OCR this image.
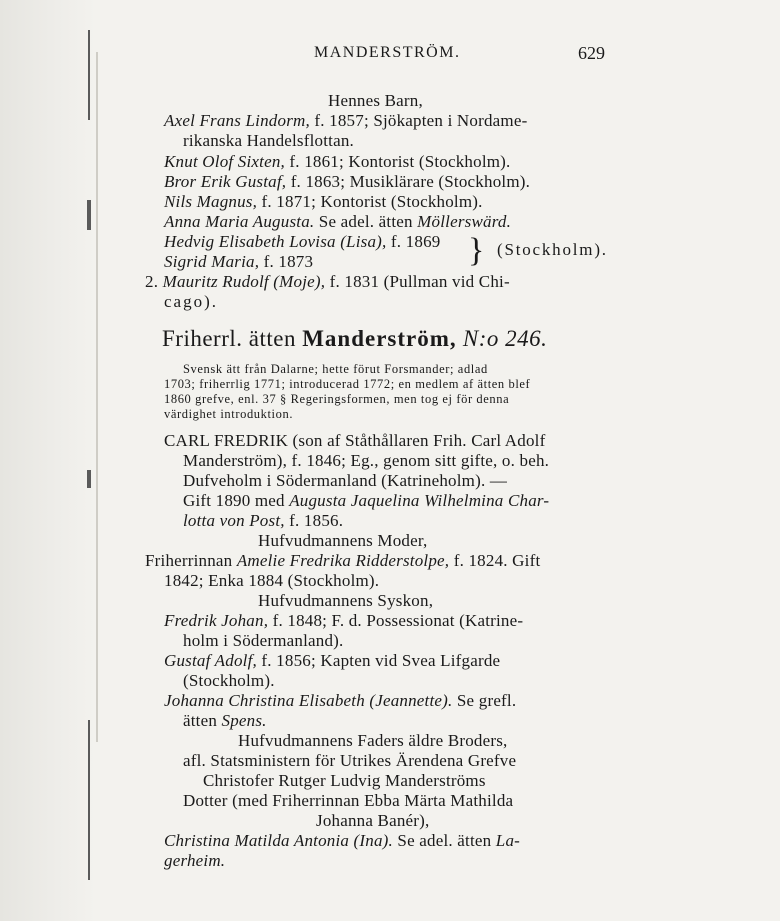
MANDERSTRÖM.	629
Hennes Barn,
Axel Frans Lindorm, f. 1857; Sjökapten i Nordame-
rikanska Handelsflottan.
Knut Olof Sixten, f. 1861; Kontorist (Stockholm).
Bror Erik Gustaf, f. 1863; Musiklärare (Stockholm).
Nils Magnus, f. 1871; Kontorist (Stockholm).
Anna Maria Augusta. Se adel. ätten Möllerswärd.
Hedvig Elisabeth Lovisa (Lisa), f. 1869
Sigrid Maria, f. 1873	} (Stockholm).
2. Mauritz Rudolf (Moje), f. 1831 (Pullman vid Chi-
cago).
Friherrl. ätten Manderström, N:o 246.
Svensk ätt från Dalarne; hette förut Forsmander; adlad
1703; friherrlig 1771; introducerad 1772; en medlem af ätten blef
1860 grefve, enl. 37 § Regeringsformen, men tog ej för denna
värdighet introduktion.
CARL FREDRIK (son af Ståthållaren Frih. Carl Adolf
Manderström), f. 1846; Eg., genom sitt gifte, o. beh.
Dufveholm i Södermanland (Katrineholm). —
Gift 1890 med Augusta Jaquelina Wilhelmina Char-
lotta von Post, f. 1856.
Hufvudmannens Moder,
Friherrinnan Amelie Fredrika Ridderstolpe, f. 1824. Gift
1842; Enka 1884 (Stockholm).
Hufvudmannens Syskon,
Fredrik Johan, f. 1848; F. d. Possessionat (Katrine-
holm i Södermanland).
Gustaf Adolf, f. 1856; Kapten vid Svea Lifgarde
(Stockholm).
Johanna Christina Elisabeth (Jeannette). Se grefl.
ätten Spens.
Hufvudmannens Faders äldre Broders,
afl. Statsministern för Utrikes Ärendena Grefve
Christofer Rutger Ludvig Manderströms
Dotter (med Friherrinnan Ebba Märta Mathilda
Johanna Banér),
Christina Matilda Antonia (Ina). Se adel. ätten La-
gerheim.
